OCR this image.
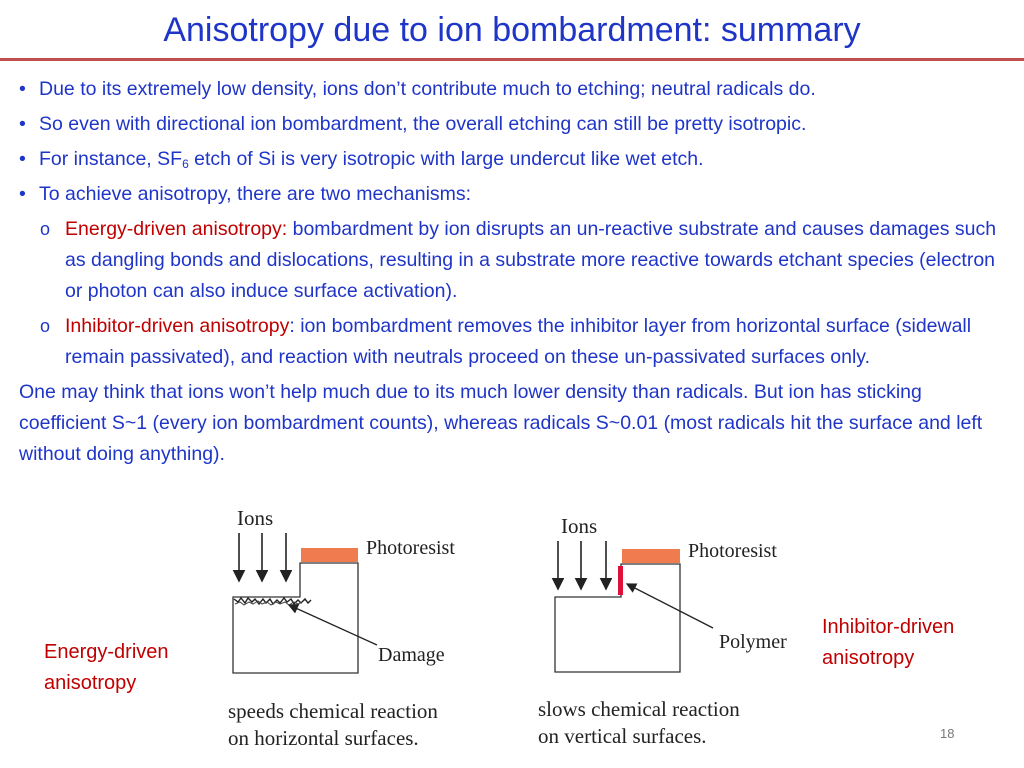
Anisotropy due to ion bombardment: summary
• Due to its extremely low density, ions don’t contribute much to etching; neutral radicals do.
• So even with directional ion bombardment, the overall etching can still be pretty isotropic.
• For instance, $SF_6$ etch of Si is very isotropic with large undercut like wet etch.
• To achieve anisotropy, there are two mechanisms:
o Energy-driven anisotropy: bombardment by ion disrupts an un-reactive substrate and causes damages such as dangling bonds and dislocations, resulting in a substrate more reactive towards etchant species (electron or photon can also induce surface activation).
o Inhibitor-driven anisotropy: ion bombardment removes the inhibitor layer from horizontal surface (sidewall remain passivated), and reaction with neutrals proceed on these un-passivated surfaces only.
One may think that ions won’t help much due to its much lower density than radicals. But ion has sticking coefficient S~1 (every ion bombardment counts), whereas radicals S~0.01 (most radicals hit the surface and left without doing anything).
Ions
Photoresist
Damage
speeds chemical reaction
on horizontal surfaces.
Energy-driven
anisotropy
Ions
Photoresist
Polymer
slows chemical reaction
on vertical surfaces.
Inhibitor-driven
anisotropy
18
